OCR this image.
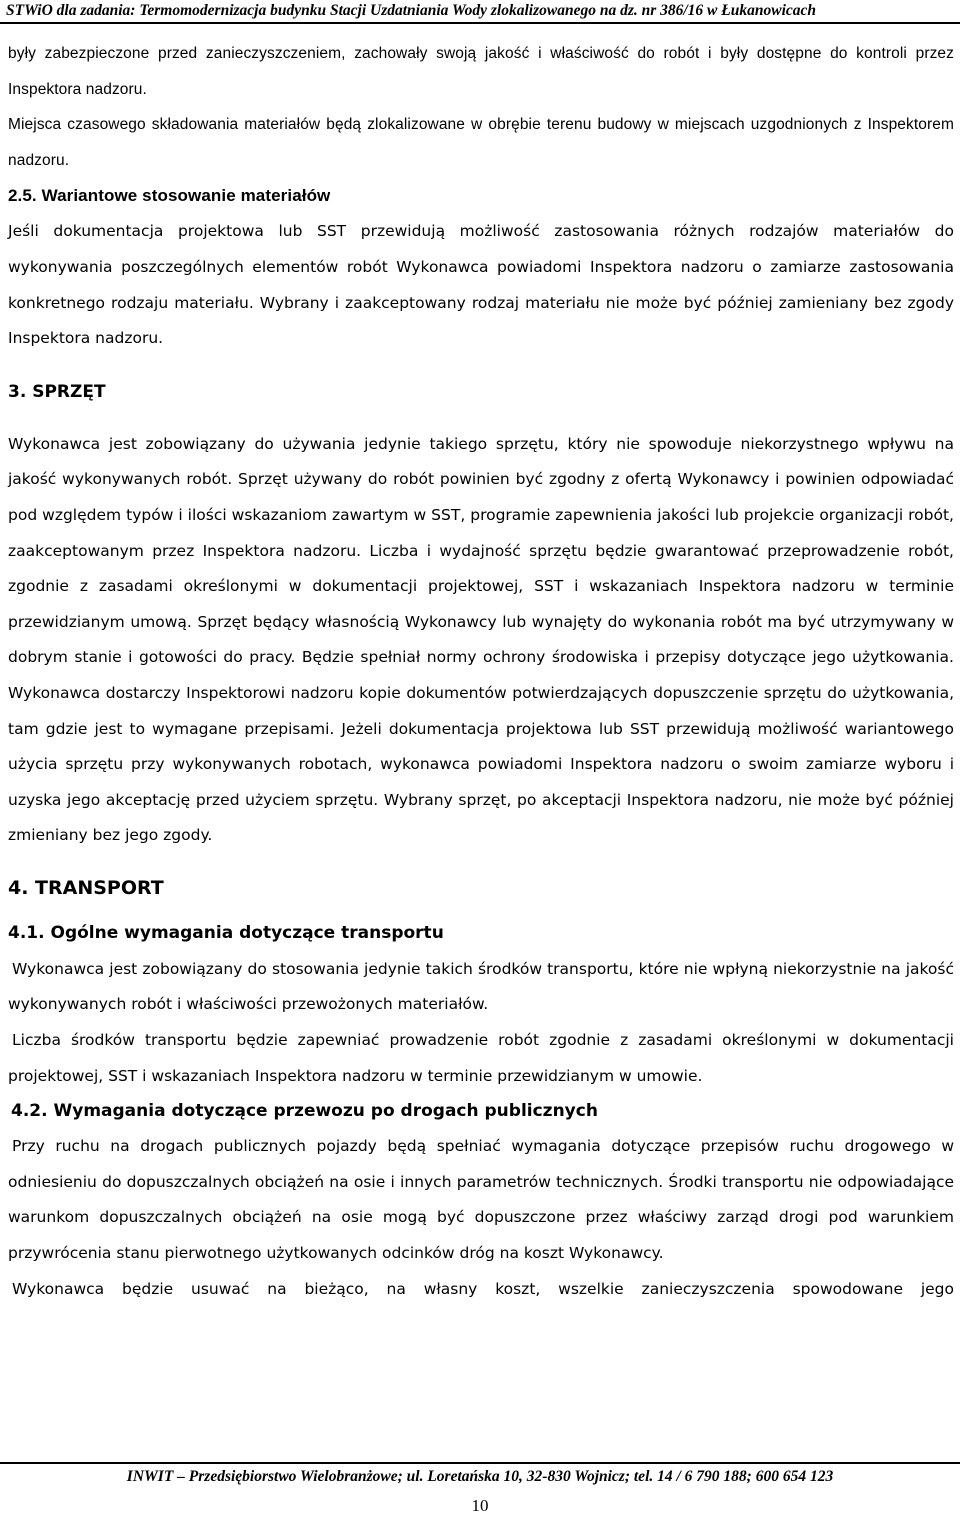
STWiO dla zadania: Termomodernizacja budynku Stacji Uzdatniania Wody zlokalizowanego na dz. nr 386/16 w Łukanowicach

były zabezpieczone przed zanieczyszczeniem, zachowały swoją jakość i właściwość do robót i były dostępne do kontroli przez Inspektora nadzoru.

Miejsca czasowego składowania materiałów będą zlokalizowane w obrębie terenu budowy w miejscach uzgodnionych z Inspektorem nadzoru.

2.5. Wariantowe stosowanie materiałów

Jeśli dokumentacja projektowa lub SST przewidują możliwość zastosowania różnych rodzajów materiałów do wykonywania poszczególnych elementów robót Wykonawca powiadomi Inspektora nadzoru o zamiarze zastosowania konkretnego rodzaju materiału. Wybrany i zaakceptowany rodzaj materiału nie może być później zamieniany bez zgody Inspektora nadzoru.

3. SPRZĘT

Wykonawca jest zobowiązany do używania jedynie takiego sprzętu, który nie spowoduje niekorzystnego wpływu na jakość wykonywanych robót. Sprzęt używany do robót powinien być zgodny z ofertą Wykonawcy i powinien odpowiadać pod względem typów i ilości wskazaniom zawartym w SST, programie zapewnienia jakości lub projekcie organizacji robót, zaakceptowanym przez Inspektora nadzoru. Liczba i wydajność sprzętu będzie gwarantować przeprowadzenie robót, zgodnie z zasadami określonymi w dokumentacji projektowej, SST i wskazaniach Inspektora nadzoru w terminie przewidzianym umową. Sprzęt będący własnością Wykonawcy lub wynajęty do wykonania robót ma być utrzymywany w dobrym stanie i gotowości do pracy. Będzie spełniał normy ochrony środowiska i przepisy dotyczące jego użytkowania. Wykonawca dostarczy Inspektorowi nadzoru kopie dokumentów potwierdzających dopuszczenie sprzętu do użytkowania, tam gdzie jest to wymagane przepisami. Jeżeli dokumentacja projektowa lub SST przewidują możliwość wariantowego użycia sprzętu przy wykonywanych robotach, wykonawca powiadomi Inspektora nadzoru o swoim zamiarze wyboru i uzyska jego akceptację przed użyciem sprzętu. Wybrany sprzęt, po akceptacji Inspektora nadzoru, nie może być później zmieniany bez jego zgody.

4. TRANSPORT
4.1. Ogólne wymagania dotyczące transportu

Wykonawca jest zobowiązany do stosowania jedynie takich środków transportu, które nie wpłyną niekorzystnie na jakość wykonywanych robót i właściwości przewożonych materiałów.

Liczba środków transportu będzie zapewniać prowadzenie robót zgodnie z zasadami określonymi w dokumentacji projektowej, SST i wskazaniach Inspektora nadzoru w terminie przewidzianym w umowie.

4.2. Wymagania dotyczące przewozu po drogach publicznych

Przy ruchu na drogach publicznych pojazdy będą spełniać wymagania dotyczące przepisów ruchu drogowego w odniesieniu do dopuszczalnych obciążeń na osie i innych parametrów technicznych. Środki transportu nie odpowiadające warunkom dopuszczalnych obciążeń na osie mogą być dopuszczone przez właściwy zarząd drogi pod warunkiem przywrócenia stanu pierwotnego użytkowanych odcinków dróg na koszt Wykonawcy.

Wykonawca będzie usuwać na bieżąco, na własny koszt, wszelkie zanieczyszczenia spowodowane jego

INWIT – Przedsiębiorstwo Wielobranżowe; ul. Loretańska 10, 32-830 Wojnicz; tel. 14 / 6 790 188; 600 654 123
10
